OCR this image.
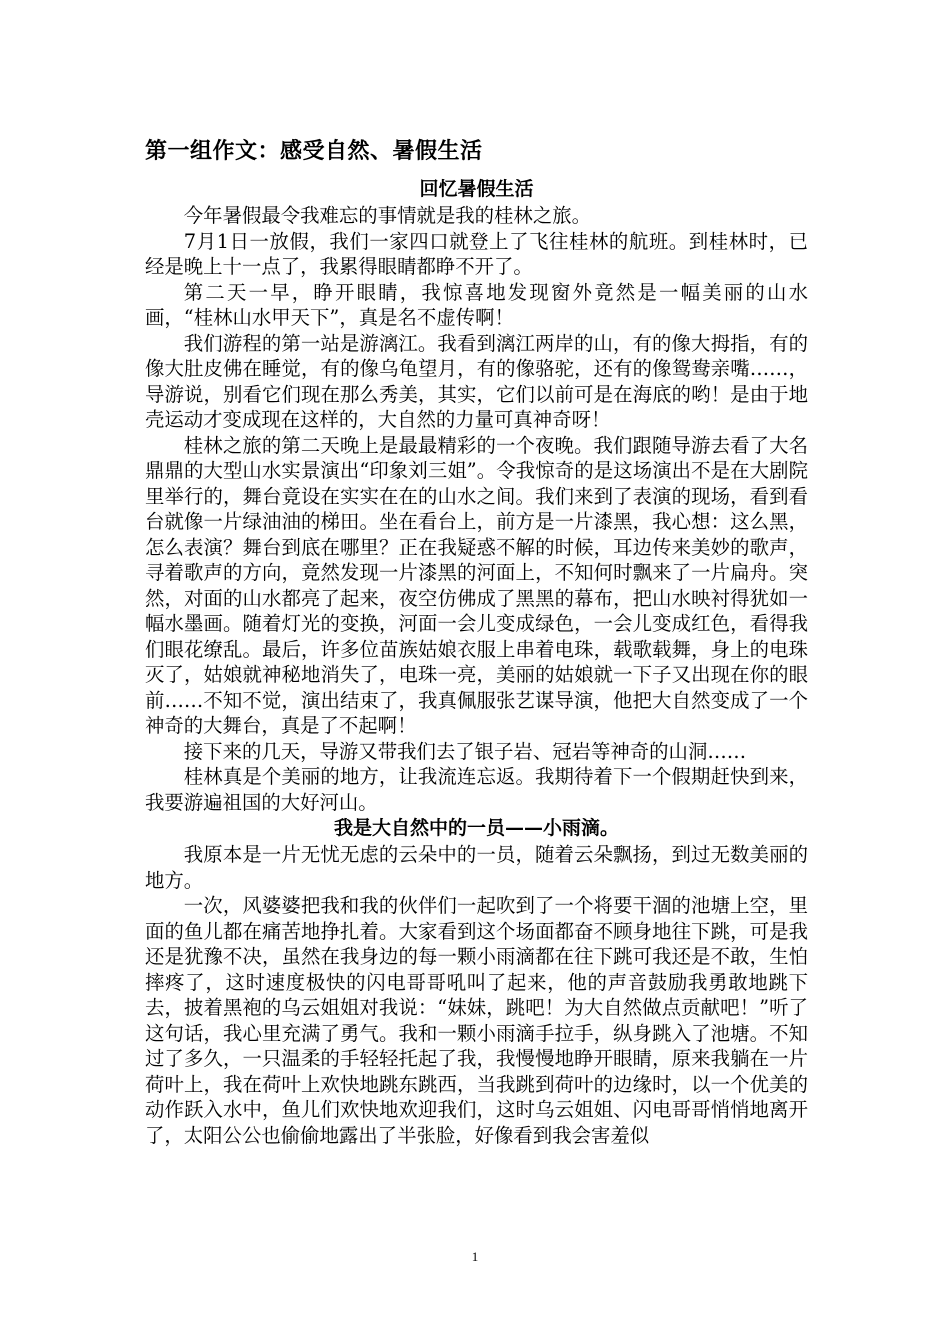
第一组作文：感受自然、暑假生活
回忆暑假生活

今年暑假最令我难忘的事情就是我的桂林之旅。

7月1日一放假，我们一家四口就登上了飞往桂林的航班。到桂林时，已经是晚上十一点了，我累得眼睛都睁不开了。

第二天一早，睁开眼睛，我惊喜地发现窗外竟然是一幅美丽的山水画，“桂林山水甲天下”，真是名不虚传啊！

我们游程的第一站是游漓江。我看到漓江两岸的山，有的像大拇指，有的像大肚皮佛在睡觉，有的像乌龟望月，有的像骆驼，还有的像鸳鸯亲嘴……，导游说，别看它们现在那么秀美，其实，它们以前可是在海底的哟！是由于地壳运动才变成现在这样的，大自然的力量可真神奇呀！

桂林之旅的第二天晚上是最最精彩的一个夜晚。我们跟随导游去看了大名鼎鼎的大型山水实景演出“印象刘三姐”。令我惊奇的是这场演出不是在大剧院里举行的，舞台竟设在实实在在的山水之间。我们来到了表演的现场，看到看台就像一片绿油油的梯田。坐在看台上，前方是一片漆黑，我心想：这么黑，怎么表演？舞台到底在哪里？正在我疑惑不解的时候，耳边传来美妙的歌声，寻着歌声的方向，竟然发现一片漆黑的河面上，不知何时飘来了一片扁舟。突然，对面的山水都亮了起来，夜空仿佛成了黑黑的幕布，把山水映衬得犹如一幅水墨画。随着灯光的变换，河面一会儿变成绿色，一会儿变成红色，看得我们眼花缭乱。最后，许多位苗族姑娘衣服上串着电珠，载歌载舞，身上的电珠灭了，姑娘就神秘地消失了，电珠一亮，美丽的姑娘就一下子又出现在你的眼前……不知不觉，演出结束了，我真佩服张艺谋导演，他把大自然变成了一个神奇的大舞台，真是了不起啊！

接下来的几天，导游又带我们去了银子岩、冠岩等神奇的山洞……

桂林真是个美丽的地方，让我流连忘返。我期待着下一个假期赶快到来，我要游遍祖国的大好河山。

我是大自然中的一员——小雨滴。

我原本是一片无忧无虑的云朵中的一员，随着云朵飘扬，到过无数美丽的地方。

一次，风婆婆把我和我的伙伴们一起吹到了一个将要干涸的池塘上空，里面的鱼儿都在痛苦地挣扎着。大家看到这个场面都奋不顾身地往下跳，可是我还是犹豫不决，虽然在我身边的每一颗小雨滴都在往下跳可我还是不敢，生怕摔疼了，这时速度极快的闪电哥哥吼叫了起来，他的声音鼓励我勇敢地跳下去，披着黑袍的乌云姐姐对我说：“妹妹，跳吧！为大自然做点贡献吧！”听了这句话，我心里充满了勇气。我和一颗小雨滴手拉手，纵身跳入了池塘。不知过了多久，一只温柔的手轻轻托起了我，我慢慢地睁开眼睛，原来我躺在一片荷叶上，我在荷叶上欢快地跳东跳西，当我跳到荷叶的边缘时，以一个优美的动作跃入水中，鱼儿们欢快地欢迎我们，这时乌云姐姐、闪电哥哥悄悄地离开了，太阳公公也偷偷地露出了半张脸，好像看到我会害羞似

1
